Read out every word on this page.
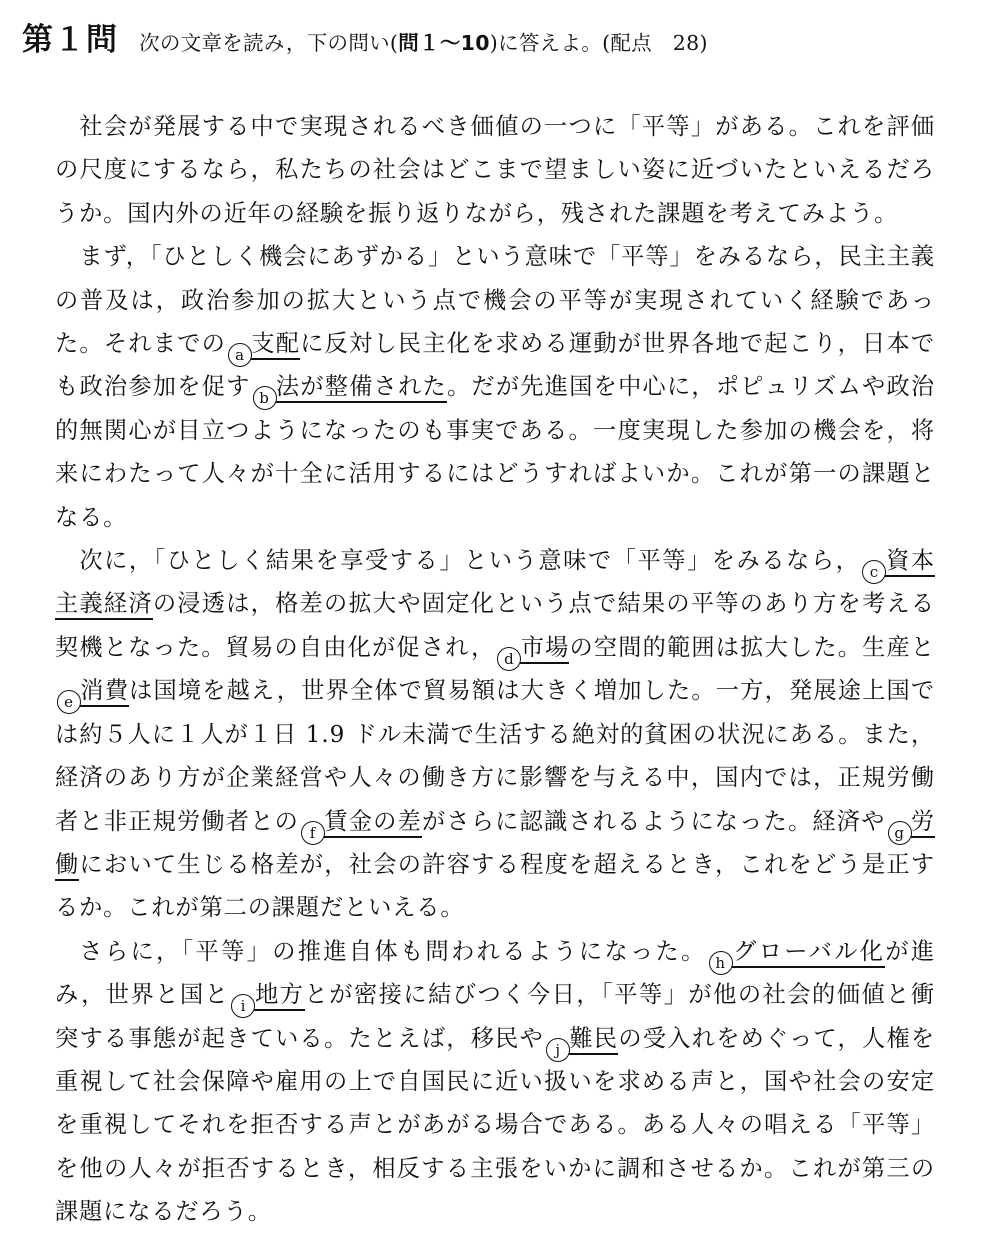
第１問 次の文章を読み，下の問い(問１～10)に答えよ。(配点　28)

社会が発展する中で実現されるべき価値の一つに「平等」がある。これを評価の尺度にするなら，私たちの社会はどこまで望ましい姿に近づいたといえるだろうか。国内外の近年の経験を振り返りながら，残された課題を考えてみよう。

まず，「ひとしく機会にあずかる」という意味で「平等」をみるなら，民主主義の普及は，政治参加の拡大という点で機会の平等が実現されていく経験であった。それまでの a 支配に反対し民主化を求める運動が世界各地で起こり，日本でも政治参加を促す b 法が整備された。だが先進国を中心に，ポピュリズムや政治的無関心が目立つようになったのも事実である。一度実現した参加の機会を，将来にわたって人々が十全に活用するにはどうすればよいか。これが第一の課題となる。

次に，「ひとしく結果を享受する」という意味で「平等」をみるなら， c 資本主義経済の浸透は，格差の拡大や固定化という点で結果の平等のあり方を考える契機となった。貿易の自由化が促され， d 市場の空間的範囲は拡大した。生産とe 消費は国境を越え，世界全体で貿易額は大きく増加した。一方，発展途上国では約５人に１人が１日 1.9 ドル未満で生活する絶対的貧困の状況にある。また，経済のあり方が企業経営や人々の働き方に影響を与える中，国内では，正規労働者と非正規労働者との f 賃金の差がさらに認識されるようになった。経済や g 労働において生じる格差が，社会の許容する程度を超えるとき，これをどう是正するか。これが第二の課題だといえる。

さらに，「平等」の推進自体も問われるようになった。 h グローバル化が進み，世界と国と i 地方とが密接に結びつく今日，「平等」が他の社会的価値と衝突する事態が起きている。たとえば，移民や j 難民の受入れをめぐって，人権を重視して社会保障や雇用の上で自国民に近い扱いを求める声と，国や社会の安定を重視してそれを拒否する声とがあがる場合である。ある人々の唱える「平等」を他の人々が拒否するとき，相反する主張をいかに調和させるか。これが第三の課題になるだろう。
